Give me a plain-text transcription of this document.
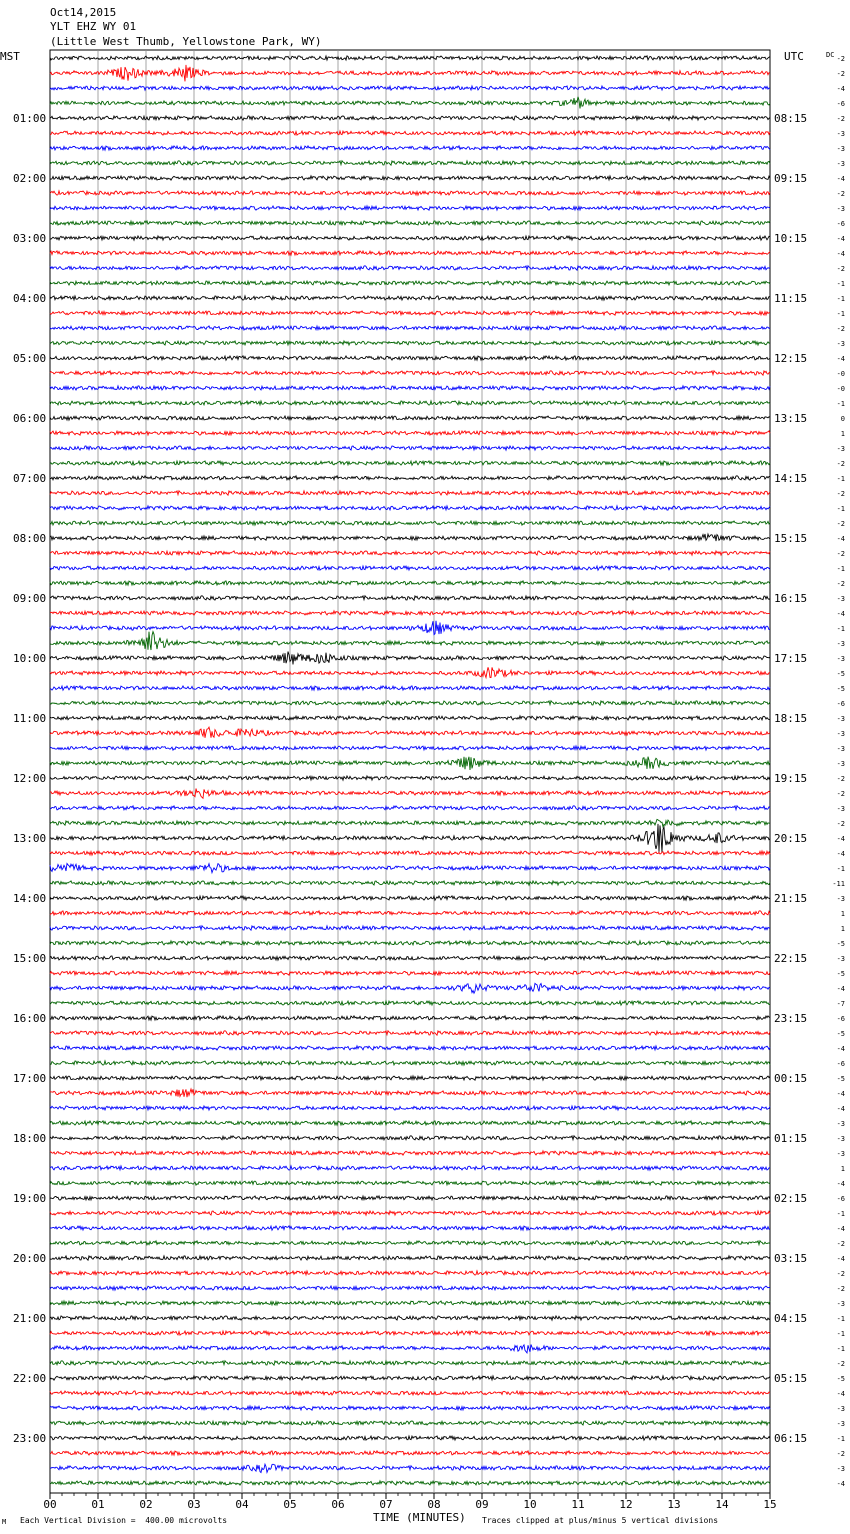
Oct14,2015
YLT EHZ WY 01
(Little West Thumb, Yellowstone Park, WY)
MST	UTC	DC
01:00	08:15
02:00	09:15
03:00	10:15
04:00	11:15
05:00	12:15
06:00	13:15
07:00	14:15
08:00	15:15
09:00	16:15
10:00	17:15
11:00	18:15
12:00	19:15
13:00	20:15
14:00	21:15
15:00	22:15
16:00	23:15
17:00	00:15
18:00	01:15
19:00	02:15
20:00	03:15
21:00	04:15
22:00	05:15
23:00	06:15
-2
-2
-4
-6
-2
-3
-3
-3
-4
-2
-3
-6
-4
-4
-2
-1
-1
-1
-2
-3
-4
-0
-0
-1
0
1
-3
-2
-1
-2
-1
-2
-4
-2
-1
-2
-3
-4
-1
-3
-3
-5
-5
-6
-3
-3
-3
-3
-2
-2
-3
-2
-4
-4
-1
-11
-3
1
1
-5
-3
-5
-4
-7
-6
-5
-4
-6
-5
-4
-4
-3
-3
-3
1
-4
-6
-1
-4
-2
-4
-2
-2
-3
-1
-1
-1
-2
-5
-4
-3
-3
-1
-2
-3
-4
00	01	02	03	04	05	06	07	08	09	10	11	12	13	14	15
M Each Vertical Division =  400.00 microvolts	TIME (MINUTES) Traces clipped at plus/minus 5 vertical divisions
